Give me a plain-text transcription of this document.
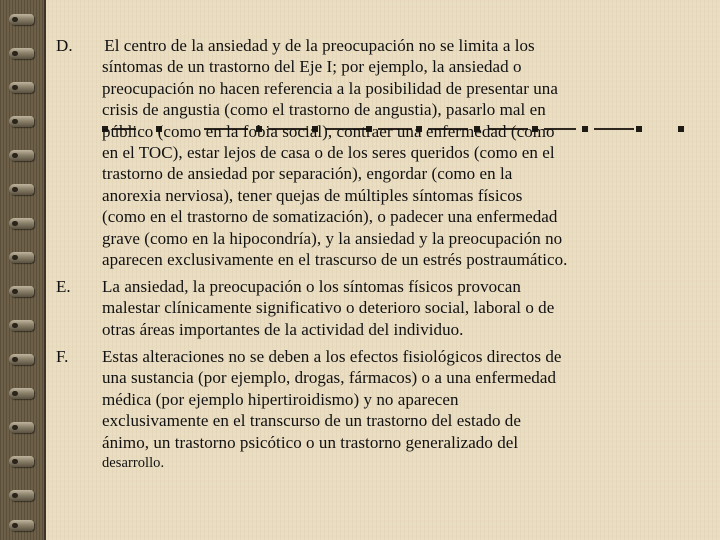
D. El centro de la ansiedad y de la preocupación no se limita a los
síntomas de un trastorno del Eje I; por ejemplo, la ansiedad o
preocupación no hacen referencia a la posibilidad de presentar una
crisis de angustia (como el trastorno de angustia), pasarlo mal en
público (como en la fobia social), contraer una enfermedad (como
en el TOC), estar lejos de casa o de los seres queridos (como en el
trastorno de ansiedad por separación), engordar (como en la
anorexia nerviosa), tener quejas de múltiples síntomas físicos
(como en el trastorno de somatización), o padecer una enfermedad
grave (como en la hipocondría), y la ansiedad y la preocupación no
aparecen exclusivamente en el trascurso de un estrés postraumático.
E. La ansiedad, la preocupación o los síntomas físicos provocan
malestar clínicamente significativo o deterioro social, laboral o de
otras áreas importantes de la actividad del individuo.
F. Estas alteraciones no se deben a los efectos fisiológicos directos de
una sustancia (por ejemplo, drogas, fármacos) o a una enfermedad
médica (por ejemplo hipertiroidismo) y no aparecen
exclusivamente en el transcurso de un trastorno del estado de
ánimo, un trastorno psicótico o un trastorno generalizado del
desarrollo.
